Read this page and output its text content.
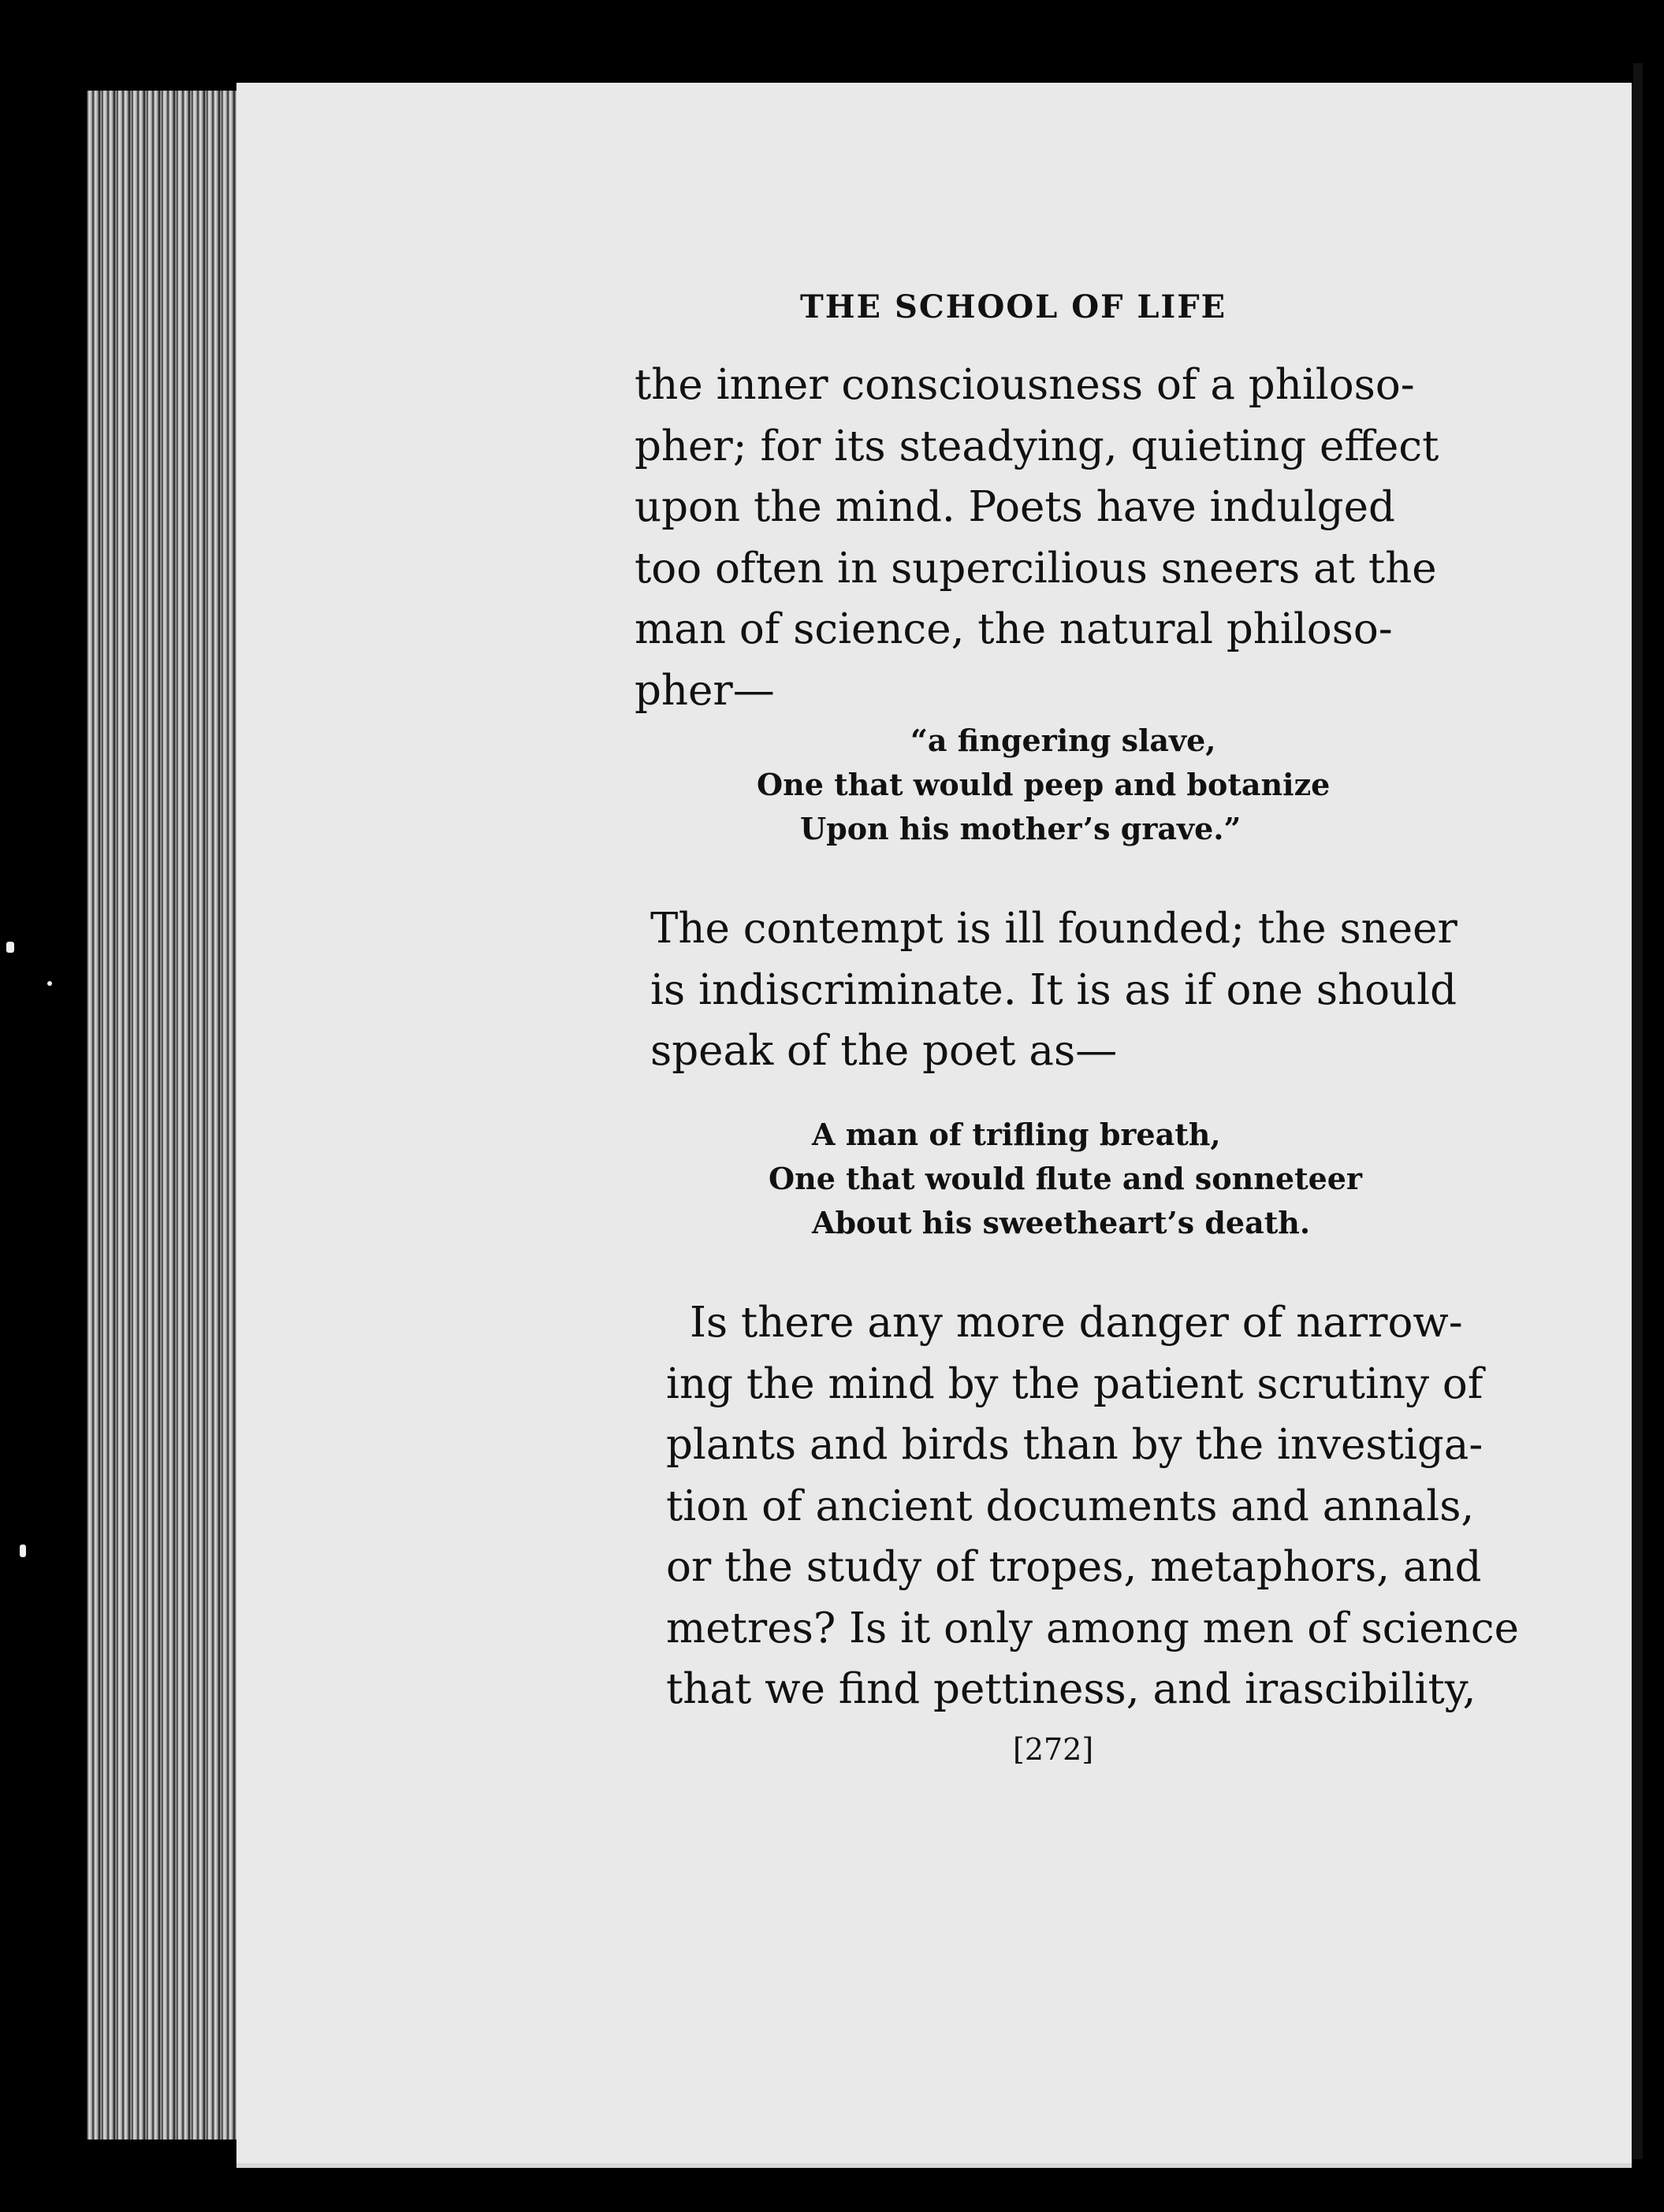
THE SCHOOL OF LIFE
the inner consciousness of a philoso-
pher; for its steadying, quieting effect
upon the mind. Poets have indulged
too often in supercilious sneers at the
man of science, the natural philoso-
pher—
“a fingering slave,
One that would peep and botanize
Upon his mother’s grave.”
The contempt is ill founded; the sneer
is indiscriminate. It is as if one should
speak of the poet as—
A man of trifling breath,
One that would flute and sonneteer
About his sweetheart’s death.
Is there any more danger of narrow-
ing the mind by the patient scrutiny of
plants and birds than by the investiga-
tion of ancient documents and annals,
or the study of tropes, metaphors, and
metres? Is it only among men of science
that we find pettiness, and irascibility,
[272]
